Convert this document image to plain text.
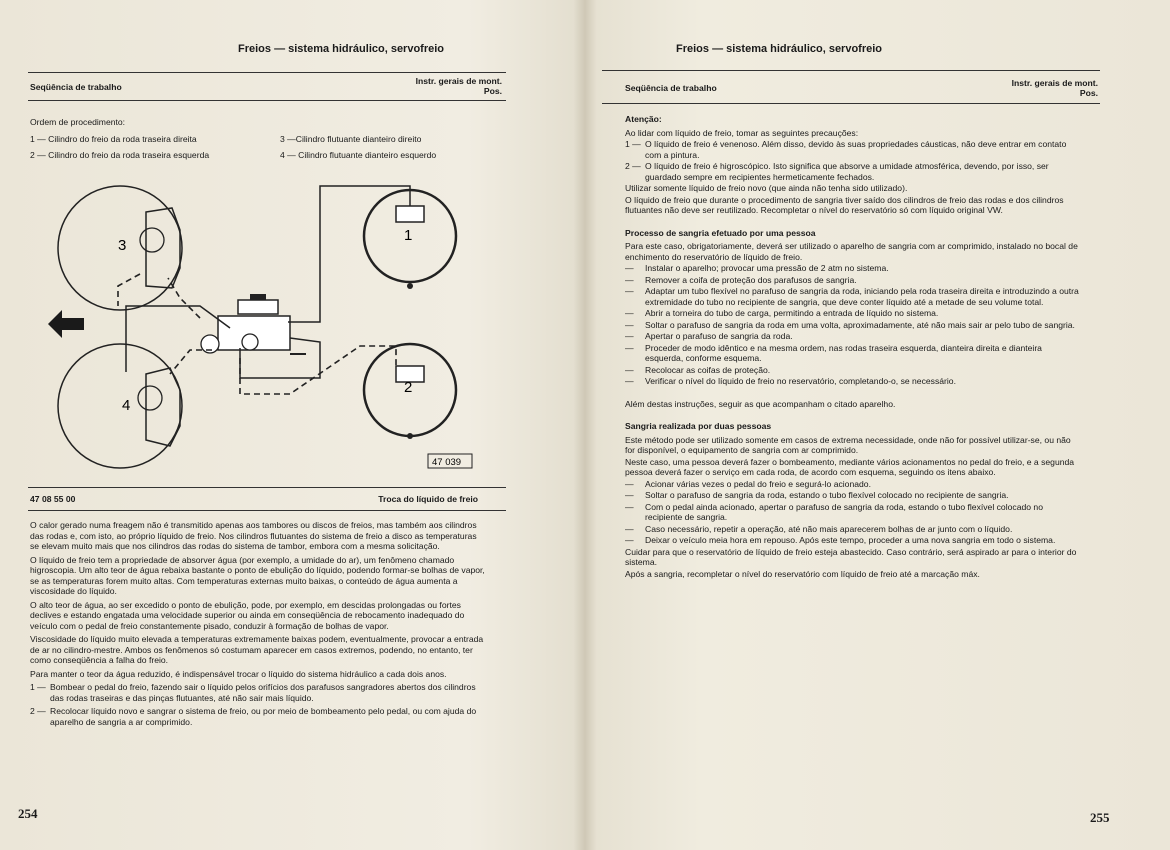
Freios — sistema hidráulico, servofreio
Seqüência de trabalho
Instr. gerais de mont.
Pos.
Ordem de procedimento:
1 — Cilindro do freio da roda traseira direita	3 —Cilindro flutuante dianteiro direito
2 — Cilindro do freio da roda traseira esquerda	4 — Cilindro flutuante dianteiro esquerdo
3
4
1
2
47 039
47 08 55 00	Troca do líquido de freio

O calor gerado numa freagem não é transmitido apenas aos tambores ou discos de freios, mas também aos cilindros das rodas e, com isto, ao próprio líquido de freio. Nos cilindros flutuantes do sistema de freio a disco as temperaturas se elevam muito mais que nos cilindros das rodas do sistema de tambor, embora com a mesma solicitação.

O líquido de freio tem a propriedade de absorver água (por exemplo, a umidade do ar), um fenômeno chamado higroscopia. Um alto teor de água rebaixa bastante o ponto de ebulição do líquido, podendo formar-se bolhas de vapor, se as temperaturas forem muito altas. Com temperaturas externas muito baixas, o conteúdo de água aumenta a viscosidade do líquido.

O alto teor de água, ao ser excedido o ponto de ebulição, pode, por exemplo, em descidas prolongadas ou fortes declives e estando engatada uma velocidade superior ou ainda em conseqüência de rebocamento inadequado do veículo com o pedal de freio constantemente pisado, conduzir à formação de bolhas de vapor.

Viscosidade do líquido muito elevada a temperaturas extremamente baixas podem, eventualmente, provocar a entrada de ar no cilindro-mestre. Ambos os fenômenos só costumam aparecer em casos extremos, podendo, no entanto, ter como conseqüência a falha do freio.

Para manter o teor da água reduzido, é indispensável trocar o líquido do sistema hidráulico a cada dois anos.

1 — Bombear o pedal do freio, fazendo sair o líquido pelos orifícios dos parafusos sangradores abertos dos cilindros das rodas traseiras e das pinças flutuantes, até não sair mais líquido.
2 — Recolocar líquido novo e sangrar o sistema de freio, ou por meio de bombeamento pelo pedal, ou com ajuda do aparelho de sangria a ar comprimido.
254
Freios — sistema hidráulico, servofreio
Seqüência de trabalho	Instr. gerais de mont.
Pos.

Atenção:

Ao lidar com líquido de freio, tomar as seguintes precauções:

1 — O líquido de freio é venenoso. Além disso, devido às suas propriedades cáusticas, não deve entrar em contato com a pintura.
2 — O líquido de freio é higroscópico. Isto significa que absorve a umidade atmosférica, devendo, por isso, ser guardado sempre em recipientes hermeticamente fechados.

Utilizar somente líquido de freio novo (que ainda não tenha sido utilizado).

O líquido de freio que durante o procedimento de sangria tiver saído dos cilindros de freio das rodas e dos cilindros flutuantes não deve ser reutilizado. Recompletar o nível do reservatório só com líquido original VW.

Processo de sangria efetuado por uma pessoa

Para este caso, obrigatoriamente, deverá ser utilizado o aparelho de sangria com ar comprimido, instalado no bocal de enchimento do reservatório de líquido de freio.

—	Instalar o aparelho; provocar uma pressão de 2 atm no sistema.
—	Remover a coifa de proteção dos parafusos de sangria.
—	Adaptar um tubo flexível no parafuso de sangria da roda, iniciando pela roda traseira direita e introduzindo a outra extremidade do tubo no recipiente de sangria, que deve conter líquido até a metade de seu volume total.
—	Abrir a torneira do tubo de carga, permitindo a entrada de líquido no sistema.
—	Soltar o parafuso de sangria da roda em uma volta, aproximadamente, até não mais sair ar pelo tubo de sangria.
—	Apertar o parafuso de sangria da roda.
—	Proceder de modo idêntico e na mesma ordem, nas rodas traseira esquerda, dianteira direita e dianteira esquerda, conforme esquema.
—	Recolocar as coifas de proteção.
—	Verificar o nível do líquido de freio no reservatório, completando-o, se necessário.

Além destas instruções, seguir as que acompanham o citado aparelho.

Sangria realizada por duas pessoas

Este método pode ser utilizado somente em casos de extrema necessidade, onde não for possível utilizar-se, ou não for disponível, o equipamento de sangria com ar comprimido.

Neste caso, uma pessoa deverá fazer o bombeamento, mediante vários acionamentos no pedal do freio, e a segunda pessoa deverá fazer o serviço em cada roda, de acordo com esquema, seguindo os itens abaixo.

—	Acionar várias vezes o pedal do freio e segurá-lo acionado.
—	Soltar o parafuso de sangria da roda, estando o tubo flexível colocado no recipiente de sangria.
—	Com o pedal ainda acionado, apertar o parafuso de sangria da roda, estando o tubo flexível colocado no recipiente de sangria.
—	Caso necessário, repetir a operação, até não mais aparecerem bolhas de ar junto com o líquido.
—	Deixar o veículo meia hora em repouso. Após este tempo, proceder a uma nova sangria em todo o sistema.

Cuidar para que o reservatório de líquido de freio esteja abastecido. Caso contrário, será aspirado ar para o interior do sistema.

Após a sangria, recompletar o nível do reservatório com líquido de freio até a marcação máx.

255
